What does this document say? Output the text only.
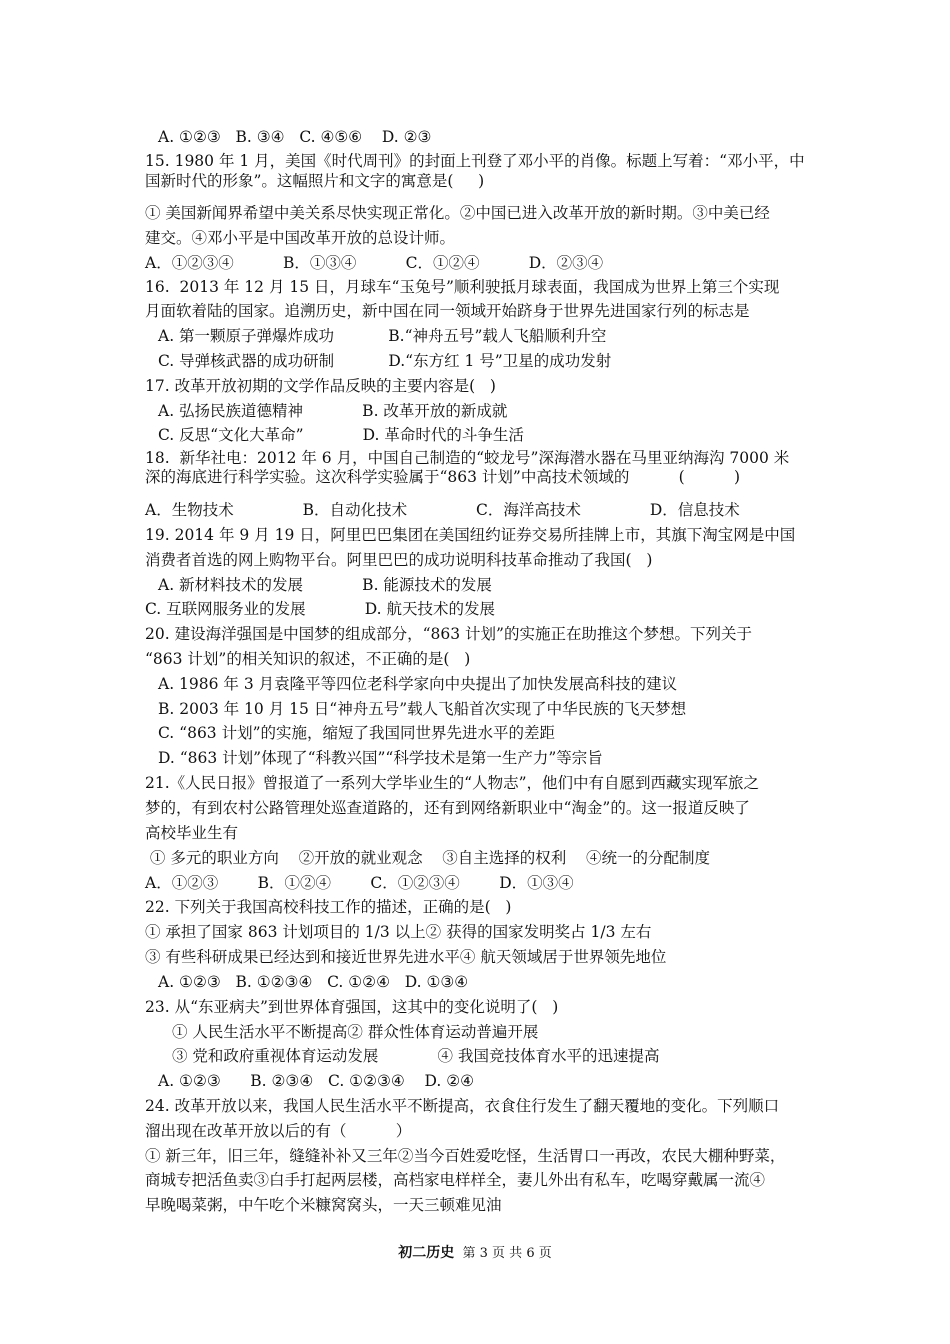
A. ①②③   B. ③④   C. ④⑤⑥    D. ②③
15. 1980 年 1 月，美国《时代周刊》的封面上刊登了邓小平的肖像。标题上写着：“邓小平，中
国新时代的形象”。这幅照片和文字的寓意是(     )
① 美国新闻界希望中美关系尽快实现正常化。②中国已进入改革开放的新时期。③中美已经
建交。④邓小平是中国改革开放的总设计师。
A．①②③④          B．①③④          C．①②④          D．②③④
16.  2013 年 12 月 15 日，月球车“玉兔号”顺利驶抵月球表面，我国成为世界上第三个实现
月面软着陆的国家。追溯历史，新中国在同一领域开始跻身于世界先进国家行列的标志是
A. 第一颗原子弹爆炸成功           B.“神舟五号”载人飞船顺利升空
C. 导弹核武器的成功研制           D.“东方红 1 号”卫星的成功发射
17. 改革开放初期的文学作品反映的主要内容是(   )
A. 弘扬民族道德精神            B. 改革开放的新成就
C. 反思“文化大革命”            D. 革命时代的斗争生活
18.  新华社电：2012 年 6 月，中国自己制造的“蛟龙号”深海潜水器在马里亚纳海沟 7000 米
深的海底进行科学实验。这次科学实验属于“863 计划”中高技术领域的          (          )
A．生物技术              B．自动化技术              C．海洋高技术              D．信息技术
19. 2014 年 9 月 19 日，阿里巴巴集团在美国纽约证券交易所挂牌上市，其旗下淘宝网是中国
消费者首选的网上购物平台。阿里巴巴的成功说明科技革命推动了我国(   )
A. 新材料技术的发展            B. 能源技术的发展
C. 互联网服务业的发展            D. 航天技术的发展
20. 建设海洋强国是中国梦的组成部分，“863 计划”的实施正在助推这个梦想。下列关于
“863 计划”的相关知识的叙述，不正确的是(   )
A. 1986 年 3 月袁隆平等四位老科学家向中央提出了加快发展高科技的建议
B. 2003 年 10 月 15 日“神舟五号”载人飞船首次实现了中华民族的飞天梦想
C. “863 计划”的实施，缩短了我国同世界先进水平的差距
D. “863 计划”体现了“科教兴国”“科学技术是第一生产力”等宗旨
21.《人民日报》曾报道了一系列大学毕业生的“人物志”，他们中有自愿到西藏实现军旅之
梦的，有到农村公路管理处巡查道路的，还有到网络新职业中“淘金”的。这一报道反映了
高校毕业生有
① 多元的职业方向    ②开放的就业观念    ③自主选择的权利    ④统一的分配制度
A．①②③        B．①②④        C．①②③④        D．①③④
22. 下列关于我国高校科技工作的描述，正确的是(   )
① 承担了国家 863 计划项目的 1/3 以上② 获得的国家发明奖占 1/3 左右
③ 有些科研成果已经达到和接近世界先进水平④ 航天领域居于世界领先地位
A. ①②③   B. ①②③④   C. ①②④   D. ①③④
23. 从“东亚病夫”到世界体育强国，这其中的变化说明了(   )
① 人民生活水平不断提高② 群众性体育运动普遍开展
③ 党和政府重视体育运动发展            ④ 我国竞技体育水平的迅速提高
A. ①②③      B. ②③④   C. ①②③④    D. ②④
24. 改革开放以来，我国人民生活水平不断提高，衣食住行发生了翻天覆地的变化。下列顺口
溜出现在改革开放以后的有（          ）
① 新三年，旧三年，缝缝补补又三年②当今百姓爱吃怪，生活胃口一再改，农民大棚种野菜，
商城专把活鱼卖③白手打起两层楼，高档家电样样全，妻儿外出有私车，吃喝穿戴属一流④
早晚喝菜粥，中午吃个米糠窝窝头，一天三顿难见油
初二历史 第 3 页 共 6 页
